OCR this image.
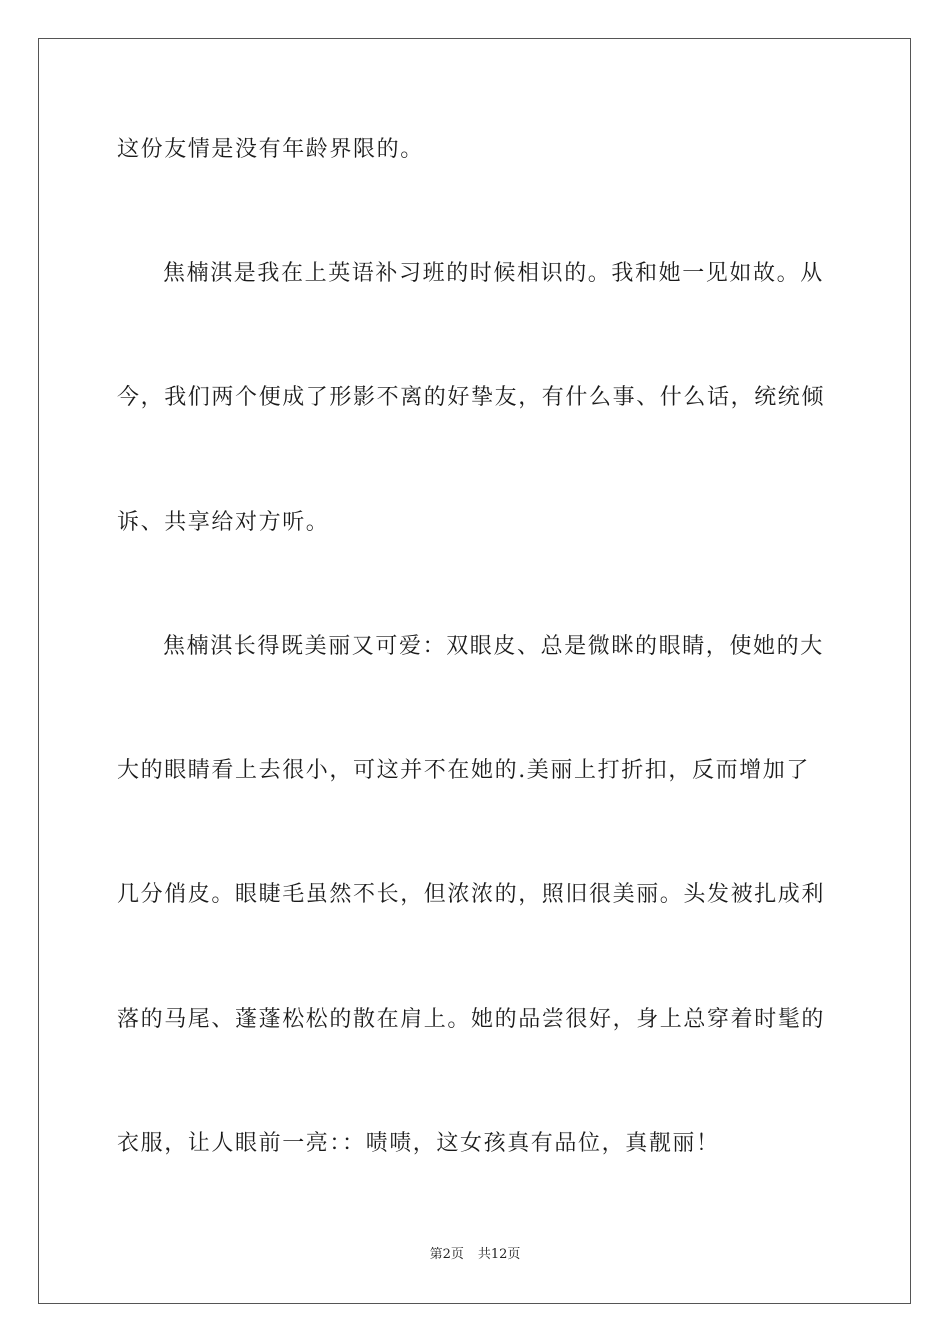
这份友情是没有年龄界限的。
焦楠淇是我在上英语补习班的时候相识的。我和她一见如故。从
今，我们两个便成了形影不离的好挚友，有什么事、什么话，统统倾
诉、共享给对方听。
焦楠淇长得既美丽又可爱：双眼皮、总是微眯的眼睛，使她的大
大的眼睛看上去很小，可这并不在她的.美丽上打折扣，反而增加了
几分俏皮。眼睫毛虽然不长，但浓浓的，照旧很美丽。头发被扎成利
落的马尾、蓬蓬松松的散在肩上。她的品尝很好，身上总穿着时髦的
衣服，让人眼前一亮：：啧啧，这女孩真有品位，真靓丽！
第2页 共12页
